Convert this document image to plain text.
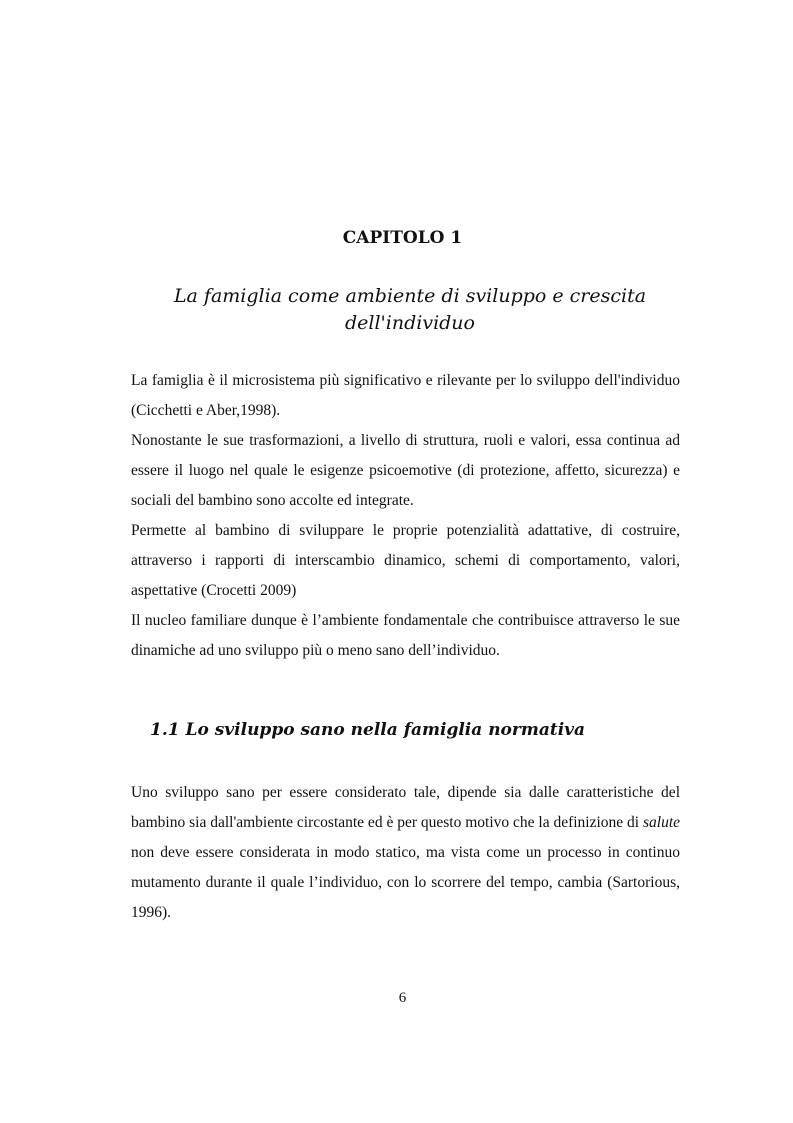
CAPITOLO 1
La famiglia come ambiente di sviluppo e crescita
dell'individuo

La famiglia è il microsistema più significativo e rilevante per lo sviluppo dell'individuo (Cicchetti e Aber,1998).

Nonostante le sue trasformazioni, a livello di struttura, ruoli e valori, essa continua ad essere il luogo nel quale le esigenze psicoemotive (di protezione, affetto, sicurezza) e sociali del bambino sono accolte ed integrate.

Permette al bambino di sviluppare le proprie potenzialità adattative, di costruire, attraverso i rapporti di interscambio dinamico, schemi di comportamento, valori, aspettative (Crocetti 2009)

Il nucleo familiare dunque è l’ambiente fondamentale che contribuisce attraverso le sue dinamiche ad uno sviluppo più o meno sano dell’individuo.

1.1 Lo sviluppo sano nella famiglia normativa

Uno sviluppo sano per essere considerato tale, dipende sia dalle caratteristiche del bambino sia dall'ambiente circostante ed è per questo motivo che la definizione di salute non deve essere considerata in modo statico, ma vista come un processo in continuo mutamento durante il quale l’individuo, con lo scorrere del tempo, cambia (Sartorious, 1996).

6
